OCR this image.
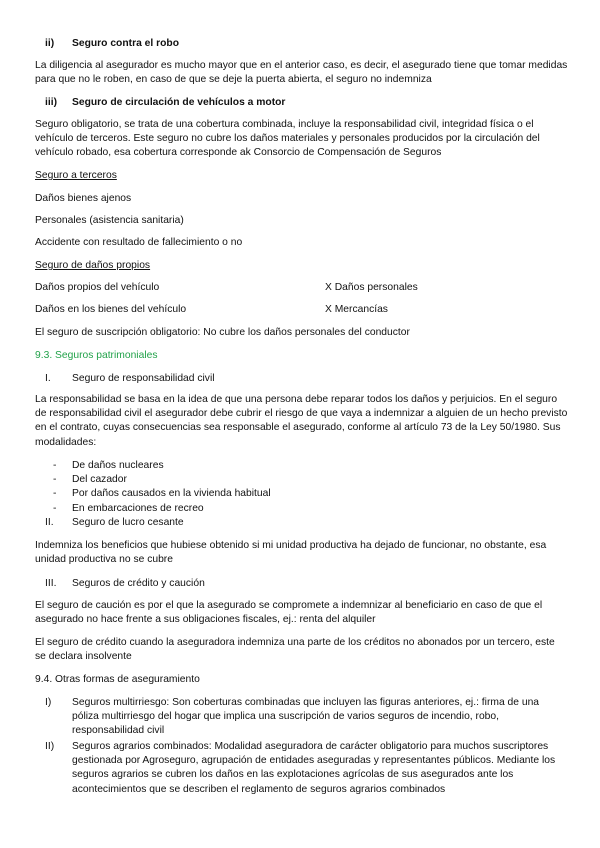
ii) Seguro contra el robo
La diligencia al asegurador es mucho mayor que en el anterior caso, es decir, el asegurado tiene que tomar medidas para que no le roben, en caso de que se deje la puerta abierta, el seguro no indemniza
iii) Seguro de circulación de vehículos a motor
Seguro obligatorio, se trata de una cobertura combinada, incluye la responsabilidad civil, integridad física o el vehículo de terceros. Este seguro no cubre los daños materiales y personales producidos por la circulación del vehículo robado, esa cobertura corresponde ak Consorcio de Compensación de Seguros
Seguro a terceros
Daños bienes ajenos
Personales (asistencia sanitaria)
Accidente con resultado de fallecimiento o no
Seguro de daños propios
Daños propios del vehículo	X Daños personales
Daños en los bienes del vehículo	X Mercancías
El seguro de suscripción obligatorio: No cubre los daños personales del conductor
9.3. Seguros patrimoniales
I. Seguro de responsabilidad civil
La responsabilidad se basa en la idea de que una persona debe reparar todos los daños y perjuicios. En el seguro de responsabilidad civil el asegurador debe cubrir el riesgo de que vaya a indemnizar a alguien de un hecho previsto en el contrato, cuyas consecuencias sea responsable el asegurado, conforme al artículo 73 de la Ley 50/1980. Sus modalidades:
- De daños nucleares
- Del cazador
- Por daños causados en la vivienda habitual
- En embarcaciones de recreo
II. Seguro de lucro cesante
Indemniza los beneficios que hubiese obtenido si mi unidad productiva ha dejado de funcionar, no obstante, esa unidad productiva no se cubre
III. Seguros de crédito y caución
El seguro de caución es por el que la asegurado se compromete a indemnizar al beneficiario en caso de que el asegurado no hace frente a sus obligaciones fiscales, ej.: renta del alquiler
El seguro de crédito cuando la aseguradora indemniza una parte de los créditos no abonados por un tercero, este se declara insolvente
9.4. Otras formas de aseguramiento
I) Seguros multirriesgo: Son coberturas combinadas que incluyen las figuras anteriores, ej.: firma de una póliza multirriesgo del hogar que implica una suscripción de varios seguros de incendio, robo, responsabilidad civil
II) Seguros agrarios combinados: Modalidad aseguradora de carácter obligatorio para muchos suscriptores gestionada por Agroseguro, agrupación de entidades aseguradas y representantes públicos. Mediante los seguros agrarios se cubren los daños en las explotaciones agrícolas de sus asegurados ante los acontecimientos que se describen el reglamento de seguros agrarios combinados
